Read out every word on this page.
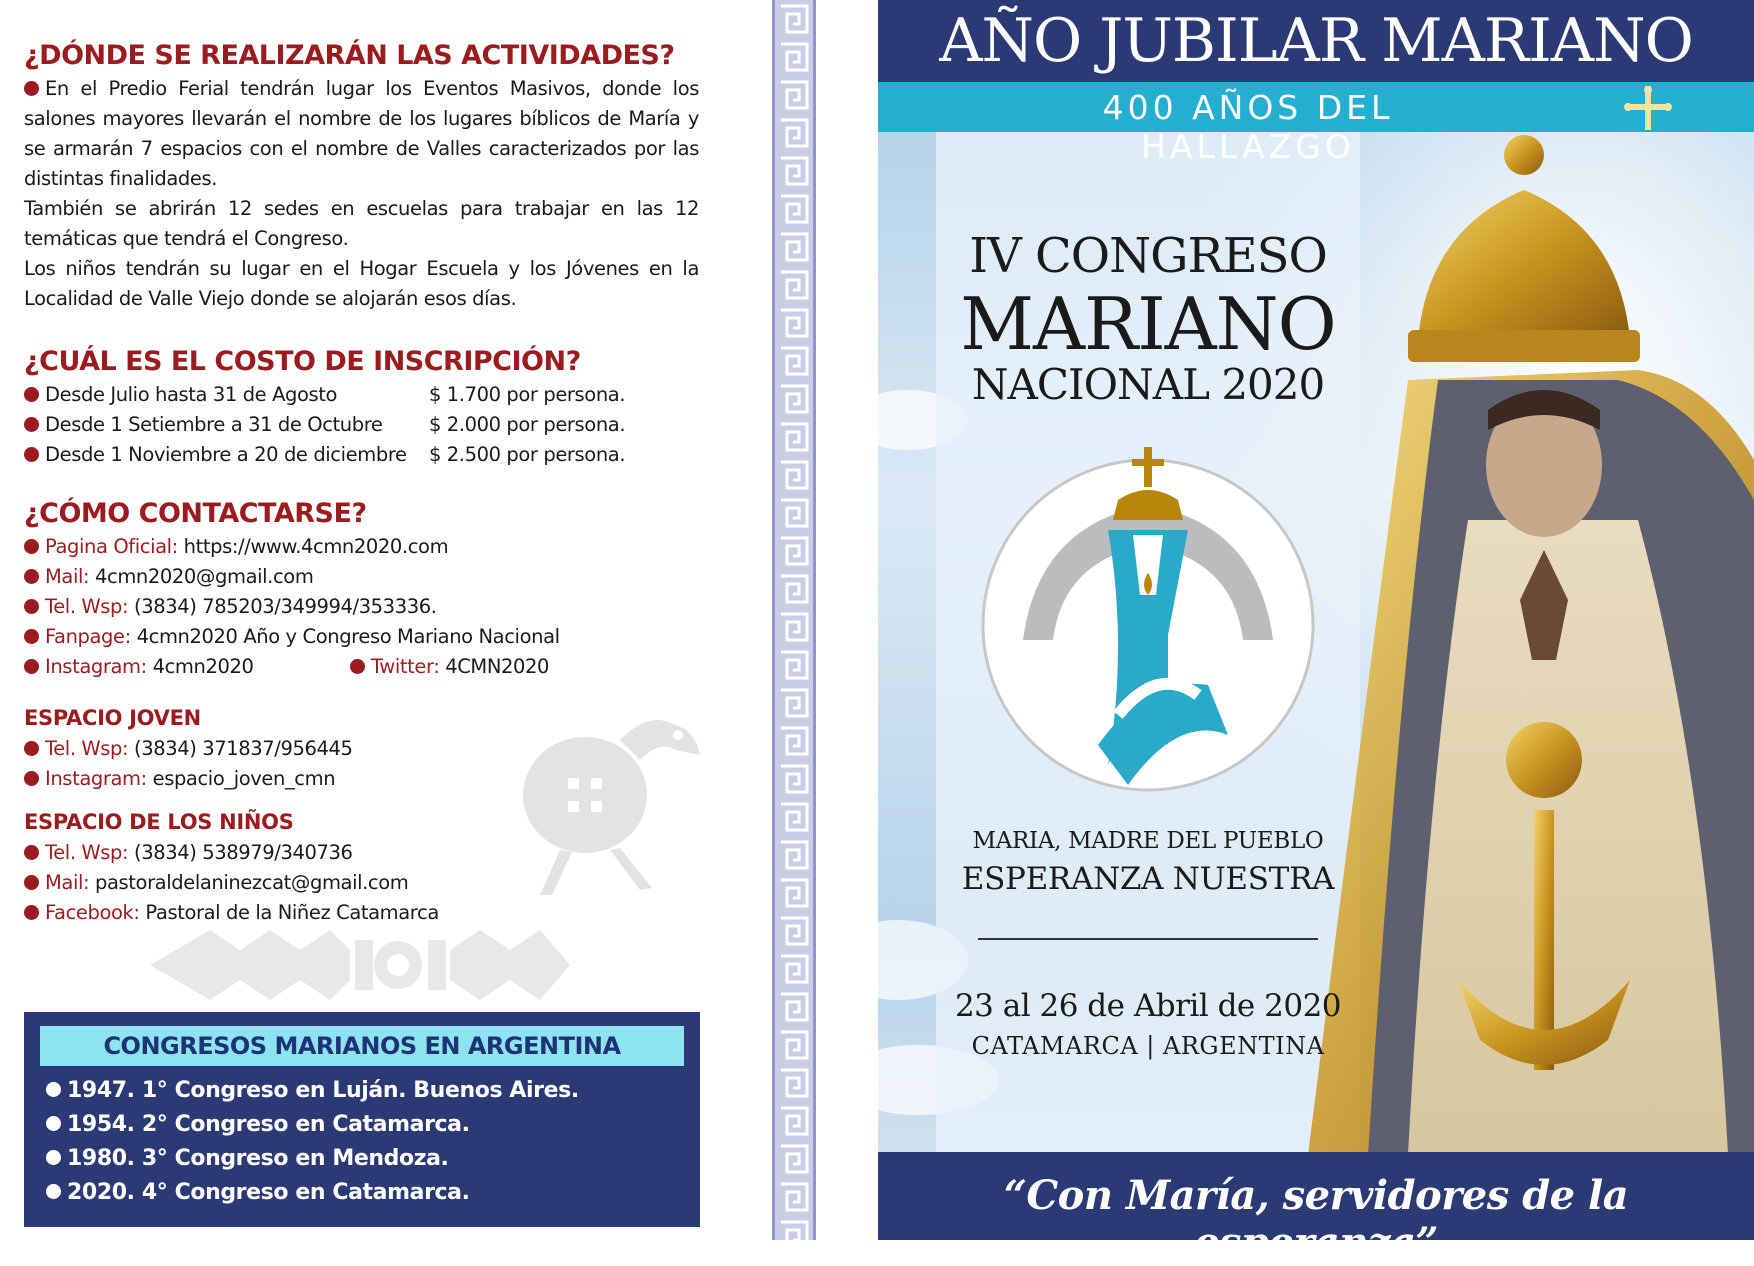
¿DÓNDE SE REALIZARÁN LAS ACTIVIDADES?
En el Predio Ferial tendrán lugar los Eventos Masivos, donde los salones mayores llevarán el nombre de los lugares bíblicos de María y se armarán 7 espacios con el nombre de Valles caracterizados por las distintas finalidades.
También se abrirán 12 sedes en escuelas para trabajar en las 12 temáticas que tendrá el Congreso.
Los niños tendrán su lugar en el Hogar Escuela y los Jóvenes en la Localidad de Valle Viejo donde se alojarán esos días.
¿CUÁL ES EL COSTO DE INSCRIPCIÓN?
Desde Julio hasta 31 de Agosto	$ 1.700 por persona.
Desde 1 Setiembre a 31 de Octubre $ 2.000 por persona.
Desde 1 Noviembre a 20 de diciembre $ 2.500 por persona.
¿CÓMO CONTACTARSE?
Pagina Oficial: https://www.4cmn2020.com
Mail: 4cmn2020@gmail.com
Tel. Wsp: (3834) 785203/349994/353336.
Fanpage: 4cmn2020 Año y Congreso Mariano Nacional
Instagram: 4cmn2020	Twitter: 4CMN2020
ESPACIO JOVEN
Tel. Wsp: (3834) 371837/956445
Instagram: espacio_joven_cmn
ESPACIO DE LOS NIÑOS
Tel. Wsp: (3834) 538979/340736
Mail: pastoraldelaninezcat@gmail.com
Facebook: Pastoral de la Niñez Catamarca
CONGRESOS MARIANOS EN ARGENTINA
1947. 1° Congreso en Luján. Buenos Aires.
1954. 2° Congreso en Catamarca.
1980. 3° Congreso en Mendoza.
2020. 4° Congreso en Catamarca.
AÑO JUBILAR MARIANO
400 AÑOS DEL HALLAZGO
IV CONGRESO
MARIANO
NACIONAL 2020
MARIA, MADRE DEL PUEBLO
ESPERANZA NUESTRA
23 al 26 de Abril de 2020
CATAMARCA | ARGENTINA
“Con María, servidores de la esperanza”
